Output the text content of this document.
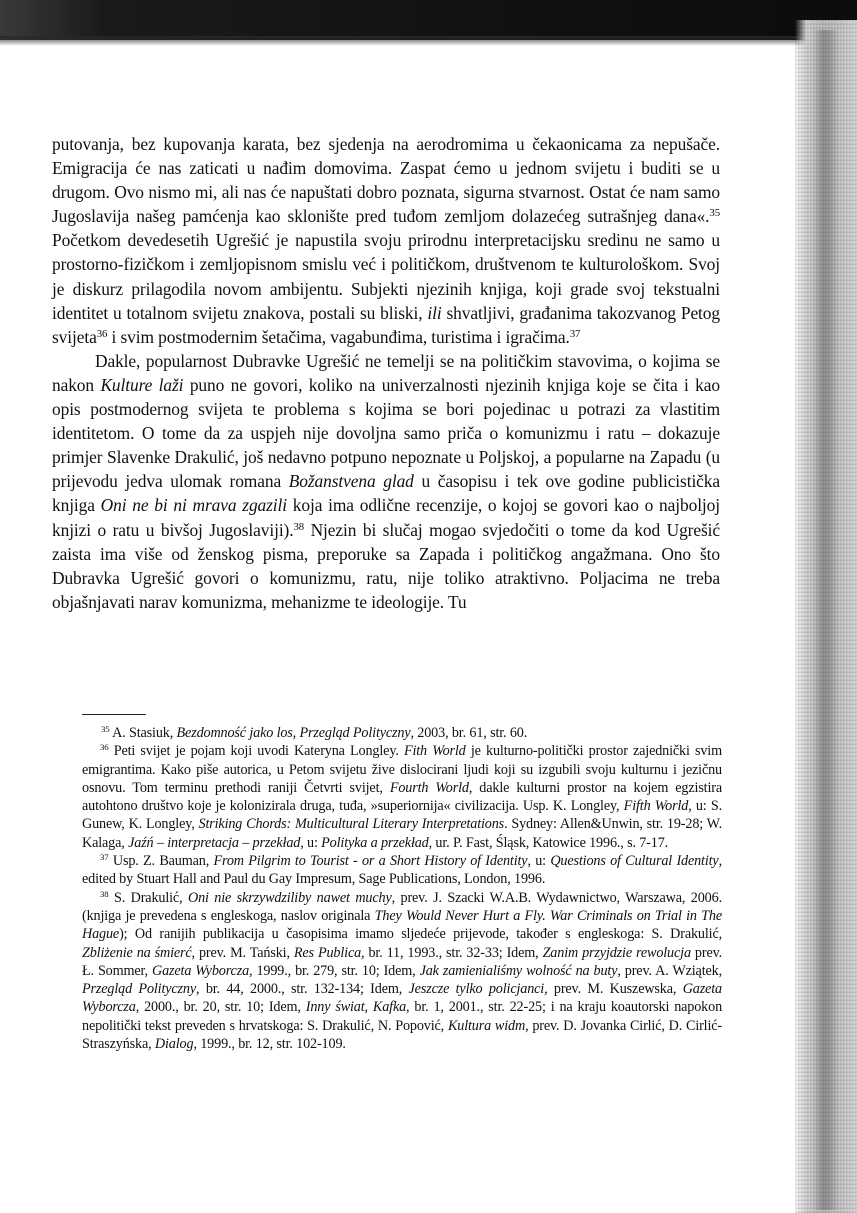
putovanja, bez kupovanja karata, bez sjedenja na aerodromima u čekaonicama za nepušače. Emigracija će nas zaticati u nađim domovima. Zaspat ćemo u jednom svijetu i buditi se u drugom. Ovo nismo mi, ali nas će napuštati dobro poznata, sigurna stvarnost. Ostat će nam samo Jugoslavija našeg pamćenja kao sklonište pred tuđom zemljom dolazećeg sutrašnjeg dana«.$^{35}$ Početkom devedesetih Ugrešić je napustila svoju prirodnu interpretacijsku sredinu ne samo u prostorno-fizičkom i zemljopisnom smislu već i političkom, društvenom te kulturološkom. Svoj je diskurz prilagodila novom ambijentu. Subjekti njezinih knjiga, koji grade svoj tekstualni identitet u totalnom svijetu znakova, postali su bliski, ili shvatljivi, građanima takozvanog Petog svijeta$^{36}$ i svim postmodernim šetačima, vagabunđima, turistima i igračima.$^{37}$

Dakle, popularnost Dubravke Ugrešić ne temelji se na političkim stavovima, o kojima se nakon Kulture laži puno ne govori, koliko na univerzalnosti njezinih knjiga koje se čita i kao opis postmodernog svijeta te problema s kojima se bori pojedinac u potrazi za vlastitim identitetom. O tome da za uspjeh nije dovoljna samo priča o komunizmu i ratu – dokazuje primjer Slavenke Drakulić, još nedavno potpuno nepoznate u Poljskoj, a popularne na Zapadu (u prijevodu jedva ulomak romana Božanstvena glad u časopisu i tek ove godine publicistička knjiga Oni ne bi ni mrava zgazili koja ima odlične recenzije, o kojoj se govori kao o najboljoj knjizi o ratu u bivšoj Jugoslaviji).$^{38}$ Njezin bi slučaj mogao svjedočiti o tome da kod Ugrešić zaista ima više od ženskog pisma, preporuke sa Zapada i političkog angažmana. Ono što Dubravka Ugrešić govori o komunizmu, ratu, nije toliko atraktivno. Poljacima ne treba objašnjavati narav komunizma, mehanizme te ideologije. Tu

$^{35}$ A. Stasiuk, Bezdomność jako los, Przegląd Polityczny, 2003, br. 61, str. 60.

$^{36}$ Peti svijet je pojam koji uvodi Kateryna Longley. Fith World je kulturno-politički prostor zajednički svim emigrantima. Kako piše autorica, u Petom svijetu žive dislocirani ljudi koji su izgubili svoju kulturnu i jezičnu osnovu. Tom terminu prethodi raniji Četvrti svijet, Fourth World, dakle kulturni prostor na kojem egzistira autohtono društvo koje je kolonizirala druga, tuđa, »superiornija« civilizacija. Usp. K. Longley, Fifth World, u: S. Gunew, K. Longley, Striking Chords: Multicultural Literary Interpretations. Sydney: Allen&Unwin, str. 19-28; W. Kalaga, Jaźń – interpretacja – przekład, u: Polityka a przekład, ur. P. Fast, Śląsk, Katowice 1996., s. 7-17.

$^{37}$ Usp. Z. Bauman, From Pilgrim to Tourist - or a Short History of Identity, u: Questions of Cultural Identity, edited by Stuart Hall and Paul du Gay Impresum, Sage Publications, London, 1996.

$^{38}$ S. Drakulić, Oni nie skrzywdziliby nawet muchy, prev. J. Szacki W.A.B. Wydawnictwo, Warszawa, 2006. (knjiga je prevedena s engleskoga, naslov originala They Would Never Hurt a Fly. War Criminals on Trial in The Hague); Od ranijih publikacija u časopisima imamo sljedeće prijevode, također s engleskoga: S. Drakulić, Zbliżenie na śmierć, prev. M. Tański, Res Publica, br. 11, 1993., str. 32-33; Idem, Zanim przyjdzie rewolucja prev. Ł. Sommer, Gazeta Wyborcza, 1999., br. 279, str. 10; Idem, Jak zamienialiśmy wolność na buty, prev. A. Wziątek, Przegląd Polityczny, br. 44, 2000., str. 132-134; Idem, Jeszcze tylko policjanci, prev. M. Kuszewska, Gazeta Wyborcza, 2000., br. 20, str. 10; Idem, Inny świat, Kafka, br. 1, 2001., str. 22-25; i na kraju koautorski napokon nepolitički tekst preveden s hrvatskoga: S. Drakulić, N. Popović, Kultura widm, prev. D. Jovanka Cirlić, D. Cirlić-Straszyńska, Dialog, 1999., br. 12, str. 102-109.
